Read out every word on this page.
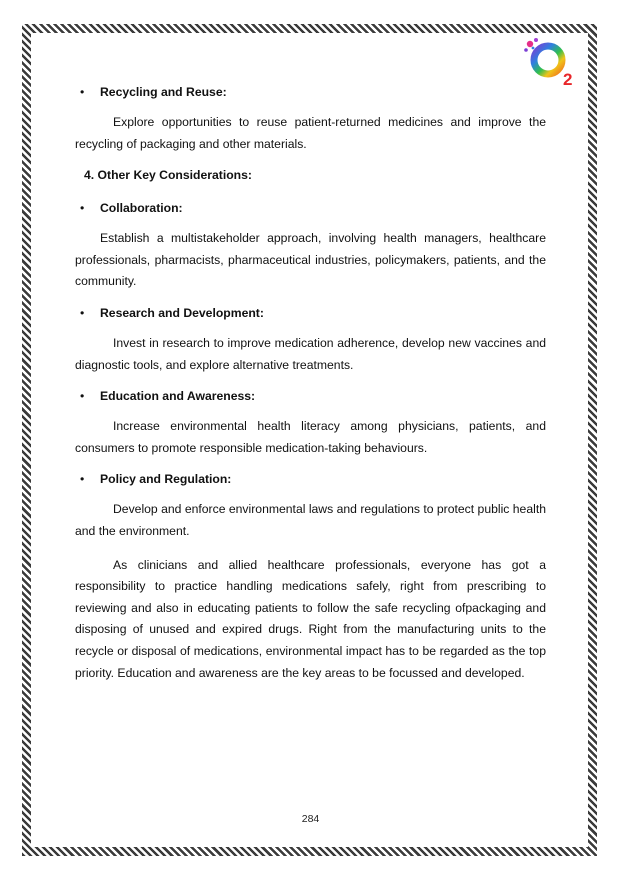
2
• Recycling and Reuse:

Explore opportunities to reuse patient-returned medicines and improve the recycling of packaging and other materials.

4. Other Key Considerations:
• Collaboration:

Establish a multistakeholder approach, involving health managers, healthcare professionals, pharmacists, pharmaceutical industries, policymakers, patients, and the community.

• Research and Development:

Invest in research to improve medication adherence, develop new vaccines and diagnostic tools, and explore alternative treatments.

• Education and Awareness:

Increase environmental health literacy among physicians, patients, and consumers to promote responsible medication-taking behaviours.

• Policy and Regulation:

Develop and enforce environmental laws and regulations to protect public health and the environment.

As clinicians and allied healthcare professionals, everyone has got a responsibility to practice handling medications safely, right from prescribing to reviewing and also in educating patients to follow the safe recycling ofpackaging and disposing of unused and expired drugs. Right from the manufacturing units to the recycle or disposal of medications, environmental impact has to be regarded as the top priority. Education and awareness are the key areas to be focussed and developed.

284
